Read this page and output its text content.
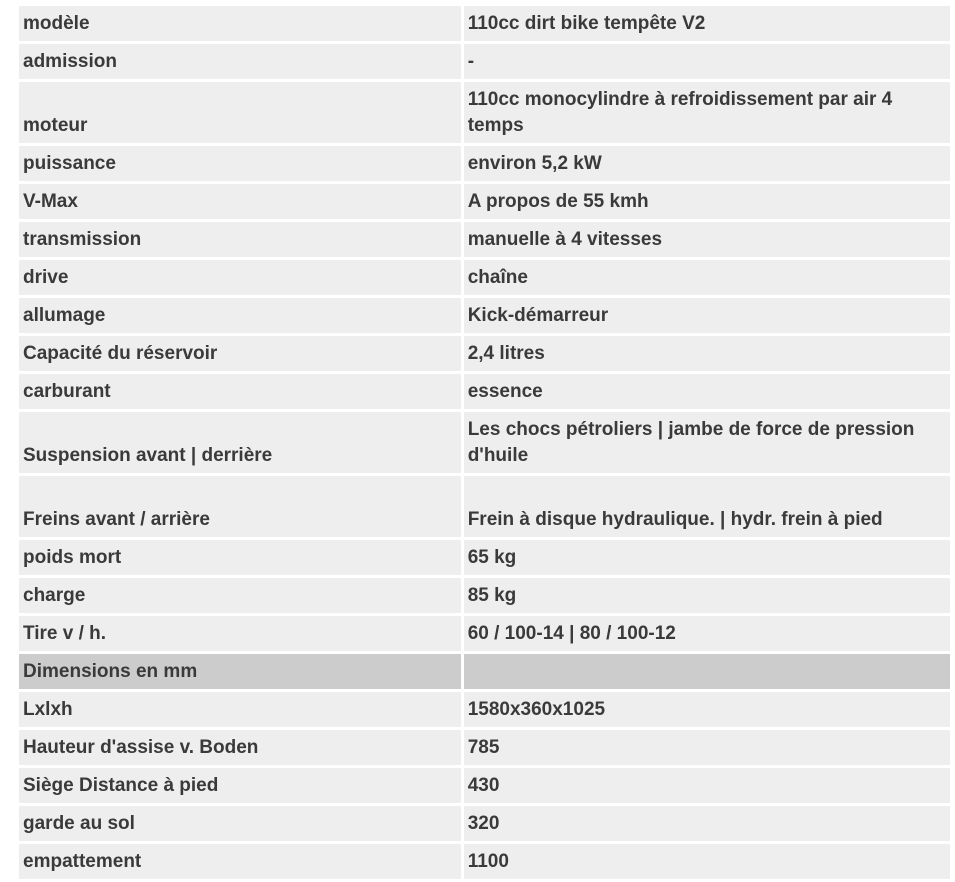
modèle	110cc dirt bike tempête V2
admission	-
moteur	110cc monocylindre à refroidissement par air 4 temps
puissance	environ 5,2 kW
V-Max	A propos de 55 kmh
transmission	manuelle à 4 vitesses
drive	chaîne
allumage	Kick-démarreur
Capacité du réservoir	2,4 litres
carburant	essence
Suspension avant | derrière	Les chocs pétroliers | jambe de force de pression d'huile
Freins avant / arrière	Frein à disque hydraulique. | hydr. frein à pied
poids mort	65 kg
charge	85 kg
Tire v / h.	60 / 100-14 | 80 / 100-12
Dimensions en mm	
Lxlxh	1580x360x1025
Hauteur d'assise v. Boden	785
Siège Distance à pied	430
garde au sol	320
empattement	1100
